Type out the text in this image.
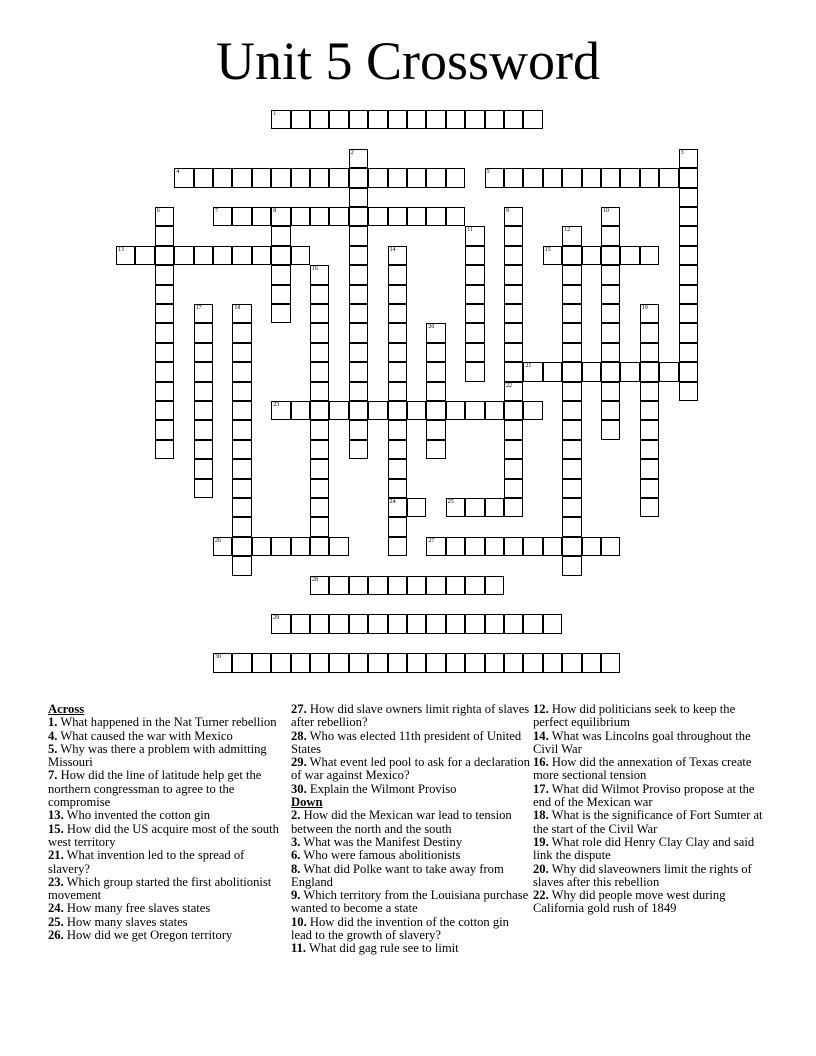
Unit 5 Crossword
1
2	3
4	5
6	7	8	9
22
10
11	12
13	14
24
15
16
17	18	19
20
21
23
25
26	27
28
29
30
Across
1. What happened in the Nat Turner rebellion
4. What caused the war with Mexico
5. Why was there a problem with admitting Missouri
7. How did the line of latitude help get the northern congressman to agree to the compromise
13. Who invented the cotton gin
15. How did the US acquire most of the south west territory
21. What invention led to the spread of slavery?
23. Which group started the first abolitionist movement
24. How many free slaves states
25. How many slaves states
26. How did we get Oregon territory
27. How did slave owners limit righta of slaves after rebellion?
28. Who was elected 11th president of United States
29. What event led pool to ask for a declaration of war against Mexico?
30. Explain the Wilmont Proviso
Down
2. How did the Mexican war lead to tension between the north and the south
3. What was the Manifest Destiny
6. Who were famous abolitionists
8. What did Polke want to take away from England
9. Which territory from the Louisiana purchase wanted to become a state
10. How did the invention of the cotton gin lead to the growth of slavery?
11. What did gag rule see to limit
12. How did politicians seek to keep the perfect equilibrium
14. What was Lincolns goal throughout the Civil War
16. How did the annexation of Texas create more sectional tension
17. What did Wilmot Proviso propose at the end of the Mexican war
18. What is the significance of Fort Sumter at the start of the Civil War
19. What role did Henry Clay Clay and said link the dispute
20. Why did slaveowners limit the rights of slaves after this rebellion
22. Why did people move west during California gold rush of 1849
